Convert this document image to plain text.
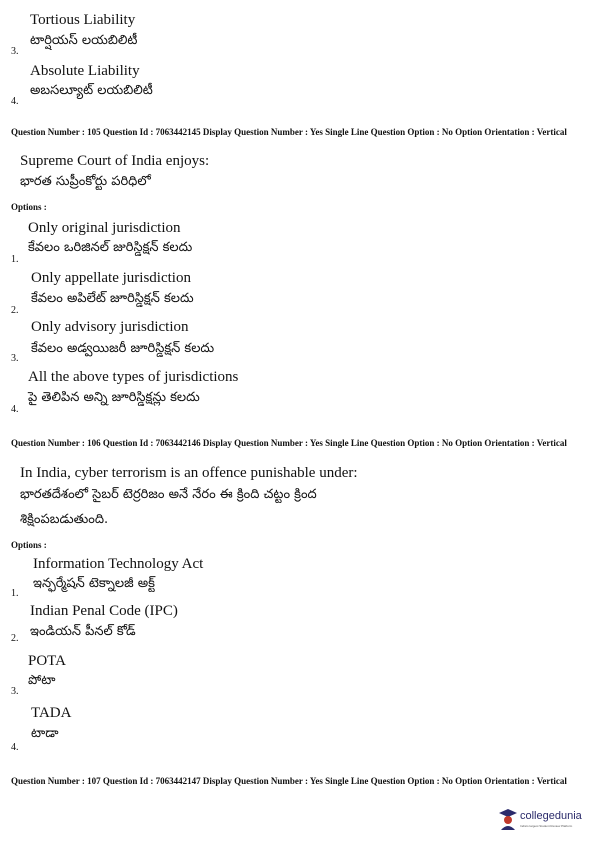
Tortious Liability
టార్షియస్ లయబిలిటీ
3.
Absolute Liability
అబసల్యూట్ లయబిలిటీ
4.
Question Number : 105 Question Id : 7063442145 Display Question Number : Yes Single Line Question Option : No Option Orientation : Vertical
Supreme Court of India enjoys:
భారత సుప్రీంకోర్టు పరిధిలో
Options :
Only original jurisdiction
కేవలం ఒరిజినల్ జురిస్డిక్షన్ కలదు
1.
Only appellate jurisdiction
కేవలం అపిలేట్ జూరిస్డిక్షన్ కలదు
2.
Only advisory jurisdiction
కేవలం అడ్వయిజరీ జూరిస్డిక్షన్ కలదు
3.
All the above types of jurisdictions
పై తెలిపిన అన్ని జూరిస్డిక్షన్లు కలదు
4.
Question Number : 106 Question Id : 7063442146 Display Question Number : Yes Single Line Question Option : No Option Orientation : Vertical
In India, cyber terrorism is an offence punishable under:
భారతదేశంలో సైబర్ టెర్రరిజం అనే నేరం ఈ క్రింది చట్టం క్రింద
శిక్షింపబడుతుంది.
Options :
Information Technology Act
ఇన్ఫర్మేషన్ టెక్నాలజీ అక్ట్
1.
Indian Penal Code (IPC)
ఇండియన్ పీనల్ కోడ్
2.
POTA
పోటా
3.
TADA
టాడా
4.
Question Number : 107 Question Id : 7063442147 Display Question Number : Yes Single Line Question Option : No Option Orientation : Vertical
collegedunia
India's largest Student Review Platform
